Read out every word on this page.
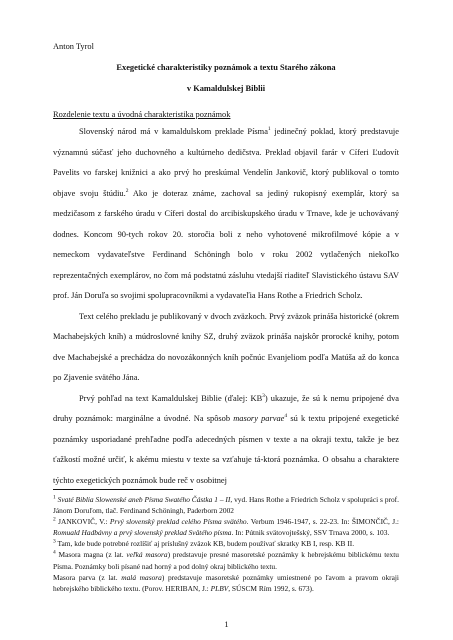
Anton Tyrol
Exegetické charakteristiky poznámok a textu Starého zákona
v Kamaldulskej Biblii
Rozdelenie textu a úvodná charakteristika poznámok

Slovenský národ má v kamaldulskom preklade Písma$^1$ jedinečný poklad, ktorý predstavuje významnú súčasť jeho duchovného a kultúrneho dedičstva. Preklad objavil farár v Cíferi Ľudovít Pavelits vo farskej knižnici a ako prvý ho preskúmal Vendelín Jankovič, ktorý publikoval o tomto objave svoju štúdiu.$^2$ Ako je doteraz známe, zachoval sa jediný rukopisný exemplár, ktorý sa medzičasom z farského úradu v Cíferi dostal do arcibiskupského úradu v Trnave, kde je uchovávaný dodnes. Koncom 90-tych rokov 20. storočia boli z neho vyhotovené mikrofilmové kópie a v nemeckom vydavateľstve Ferdinand Schöningh bolo v roku 2002 vytlačených niekoľko reprezentačných exemplárov, no čom má podstatnú zásluhu vtedajší riaditeľ Slavistického ústavu SAV prof. Ján Doruľa so svojimi spolupracovníkmi a vydavateľia Hans Rothe a Friedrich Scholz.

Text celého prekladu je publikovaný v dvoch zväzkoch. Prvý zväzok prináša historické (okrem Machabejských kníh) a múdroslovné knihy SZ, druhý zväzok prináša najskôr prorocké knihy, potom dve Machabejské a prechádza do novozákonných kníh počnúc Evanjeliom podľa Matúša až do konca po Zjavenie svätého Jána.

Prvý pohľad na text Kamaldulskej Biblie (ďalej: $KB^3$) ukazuje, že sú k nemu pripojené dva druhy poznámok: marginálne a úvodné. Na spôsob masory parvae$^4$ sú k textu pripojené exegetické poznámky usporiadané prehľadne podľa adecedných písmen v texte a na okraji textu, takže je bez ťažkostí možné určiť, k akému miestu v texte sa vzťahuje tá-ktorá poznámka. O obsahu a charaktere týchto exegetických poznámok bude reč v osobitnej

$^1$ Svaté Biblia Slowenské aneb Písma Swatého Částka 1 – II, vyd. Hans Rothe a Friedrich Scholz v spolupráci s prof. Jánom Doruľom, tlač. Ferdinand Schöningh, Paderborn 2002

$^2$ JANKOVIČ, V.: Prvý slovenský preklad celého Písma svätého. Verbum 1946-1947, s. 22-23. In: ŠIMONČIČ, J.: Romuald Hadbávny a prvý slovenský preklad Svätého písma. In: Pútnik svätovojtešský, SSV Trnava 2000, s. 103.

$^3$ Tam, kde bude potrebné rozlíšiť aj príslušný zväzok KB, budem používať skratky KB I, resp. KB II.

$^4$ Masora magna (z lat. veľká masora) predstavuje presné masoretské poznámky k hebrejskému biblickému textu Písma. Poznámky boli písané nad horný a pod dolný okraj biblického textu.

Masora parva (z lat. malá masora) predstavuje masoretské poznámky umiestnené po ľavom a pravom okraji hebrejského biblického textu. (Porov. HERIBAN, J.: PLBV, SÚSCM Rím 1992, s. 673).

1
